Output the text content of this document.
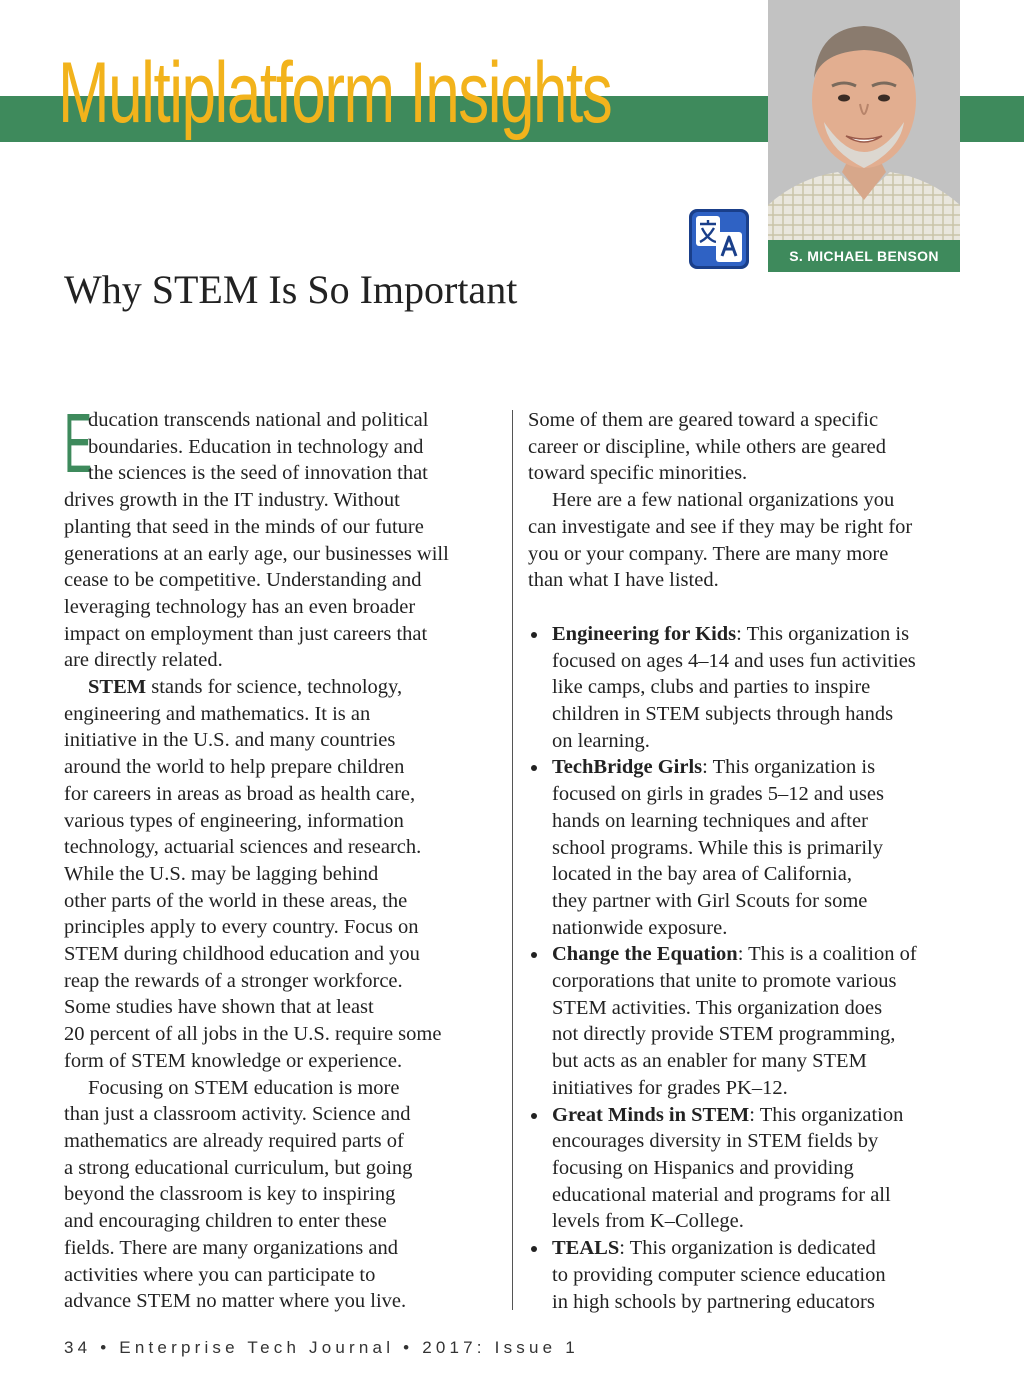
Multiplatform Insights
S. MICHAEL BENSON
Why STEM Is So Important
E

ducation transcends national and political

boundaries. Education in technology and

the sciences is the seed of innovation that

drives growth in the IT industry. Without

planting that seed in the minds of our future

generations at an early age, our businesses will

cease to be competitive. Understanding and

leveraging technology has an even broader

impact on employment than just careers that

are directly related.

STEM stands for science, technology,

engineering and mathematics. It is an

initiative in the U.S. and many countries

around the world to help prepare children

for careers in areas as broad as health care,

various types of engineering, information

technology, actuarial sciences and research.

While the U.S. may be lagging behind

other parts of the world in these areas, the

principles apply to every country. Focus on

STEM during childhood education and you

reap the rewards of a stronger workforce.

Some studies have shown that at least

20 percent of all jobs in the U.S. require some

form of STEM knowledge or experience.

Focusing on STEM education is more

than just a classroom activity. Science and

mathematics are already required parts of

a strong educational curriculum, but going

beyond the classroom is key to inspiring

and encouraging children to enter these

fields. There are many organizations and

activities where you can participate to

advance STEM no matter where you live.

Some of them are geared toward a specific

career or discipline, while others are geared

toward specific minorities.

Here are a few national organizations you

can investigate and see if they may be right for

you or your company. There are many more

than what I have listed.

Engineering for Kids: This organization is

focused on ages 4–14 and uses fun activities

like camps, clubs and parties to inspire

children in STEM subjects through hands

on learning.

TechBridge Girls: This organization is

focused on girls in grades 5–12 and uses

hands on learning techniques and after

school programs. While this is primarily

located in the bay area of California,

they partner with Girl Scouts for some

nationwide exposure.

Change the Equation: This is a coalition of

corporations that unite to promote various

STEM activities. This organization does

not directly provide STEM programming,

but acts as an enabler for many STEM

initiatives for grades PK–12.

Great Minds in STEM: This organization

encourages diversity in STEM fields by

focusing on Hispanics and providing

educational material and programs for all

levels from K–College.

TEALS: This organization is dedicated

to providing computer science education

in high schools by partnering educators

34 • Enterprise Tech Journal • 2017: Issue 1
